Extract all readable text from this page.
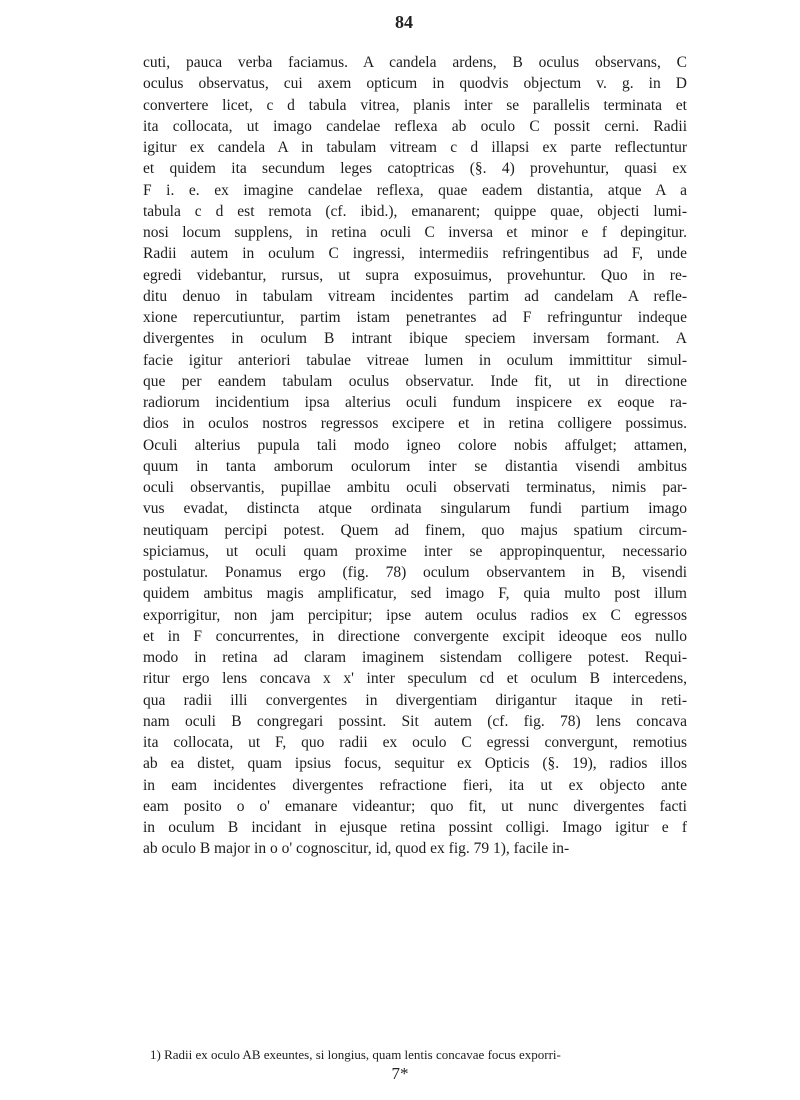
84
cuti, pauca verba faciamus. A candela ardens, B oculus observans, C
oculus observatus, cui axem opticum in quodvis objectum v. g. in D
convertere licet, c d tabula vitrea, planis inter se parallelis terminata et
ita collocata, ut imago candelae reflexa ab oculo C possit cerni. Radii
igitur ex candela A in tabulam vitream c d illapsi ex parte reflectuntur
et quidem ita secundum leges catoptricas (§. 4) provehuntur, quasi ex
F i. e. ex imagine candelae reflexa, quae eadem distantia, atque A a
tabula c d est remota (cf. ibid.), emanarent; quippe quae, objecti lumi-
nosi locum supplens, in retina oculi C inversa et minor e f depingitur.
Radii autem in oculum C ingressi, intermediis refringentibus ad F, unde
egredi videbantur, rursus, ut supra exposuimus, provehuntur. Quo in re-
ditu denuo in tabulam vitream incidentes partim ad candelam A refle-
xione repercutiuntur, partim istam penetrantes ad F refringuntur indeque
divergentes in oculum B intrant ibique speciem inversam formant. A
facie igitur anteriori tabulae vitreae lumen in oculum immittitur simul-
que per eandem tabulam oculus observatur. Inde fit, ut in directione
radiorum incidentium ipsa alterius oculi fundum inspicere ex eoque ra-
dios in oculos nostros regressos excipere et in retina colligere possimus.
Oculi alterius pupula tali modo igneo colore nobis affulget; attamen,
quum in tanta amborum oculorum inter se distantia visendi ambitus
oculi observantis, pupillae ambitu oculi observati terminatus, nimis par-
vus evadat, distincta atque ordinata singularum fundi partium imago
neutiquam percipi potest. Quem ad finem, quo majus spatium circum-
spiciamus, ut oculi quam proxime inter se appropinquentur, necessario
postulatur. Ponamus ergo (fig. 78) oculum observantem in B, visendi
quidem ambitus magis amplificatur, sed imago F, quia multo post illum
exporrigitur, non jam percipitur; ipse autem oculus radios ex C egressos
et in F concurrentes, in directione convergente excipit ideoque eos nullo
modo in retina ad claram imaginem sistendam colligere potest. Requi-
ritur ergo lens concava x x' inter speculum cd et oculum B intercedens,
qua radii illi convergentes in divergentiam dirigantur itaque in reti-
nam oculi B congregari possint. Sit autem (cf. fig. 78) lens concava
ita collocata, ut F, quo radii ex oculo C egressi convergunt, remotius
ab ea distet, quam ipsius focus, sequitur ex Opticis (§. 19), radios illos
in eam incidentes divergentes refractione fieri, ita ut ex objecto ante
eam posito o o' emanare videantur; quo fit, ut nunc divergentes facti
in oculum B incidant in ejusque retina possint colligi. Imago igitur e f
ab oculo B major in o o' cognoscitur, id, quod ex fig. 79 1), facile in-
1) Radii ex oculo AB exeuntes, si longius, quam lentis concavae focus exporri-
7*
